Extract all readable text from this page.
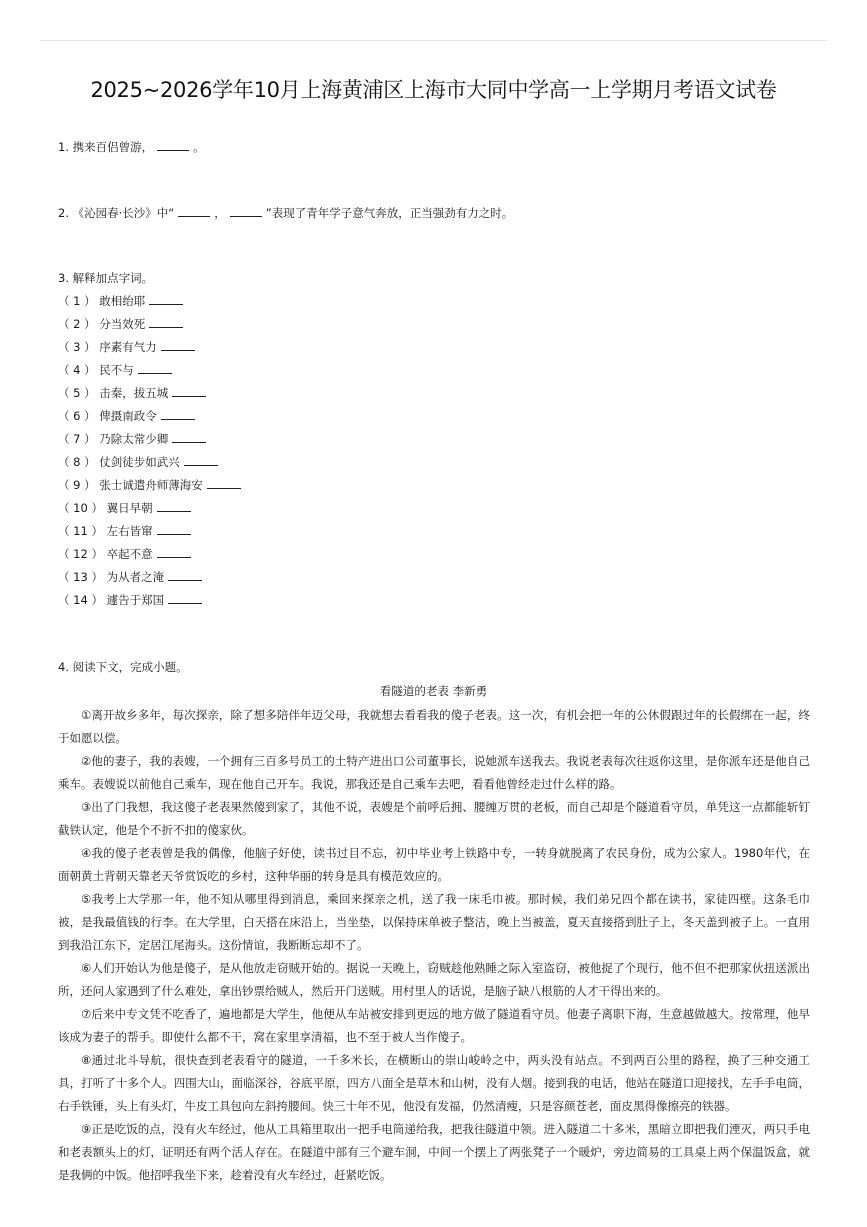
2025~2026学年10月上海黄浦区上海市大同中学高一上学期月考语文试卷
1. 携来百侣曾游，	。
2. 《沁园春·长沙》中“	，	”表现了青年学子意气奔放，正当强劲有力之时。
3. 解释加点字词。
（ 1 ） 敢相绐耶
（ 2 ） 分当效死
（ 3 ） 序素有气力
（ 4 ） 民不与
（ 5 ） 击秦，拔五城
（ 6 ） 俾摄南政令
（ 7 ） 乃除太常少卿
（ 8 ） 仗剑徒步如武兴
（ 9 ） 张士诚遣舟师薄海安
（ 10 ） 翼日早朝
（ 11 ） 左右皆窜
（ 12 ） 卒起不意
（ 13 ） 为从者之淹
（ 14 ） 遽告于郑国
4. 阅读下文，完成小题。
看隧道的老表 李新勇

①离开故乡多年，每次探亲，除了想多陪伴年迈父母，我就想去看看我的傻子老表。这一次，有机会把一年的公休假跟过年的长假绑在一起，终于如愿以偿。

②他的妻子，我的表嫂，一个拥有三百多号员工的土特产进出口公司董事长，说她派车送我去。我说老表每次往返你这里，是你派车还是他自己乘车。表嫂说以前他自己乘车，现在他自己开车。我说，那我还是自己乘车去吧，看看他曾经走过什么样的路。

③出了门我想，我这傻子老表果然傻到家了，其他不说，表嫂是个前呼后拥、腰缠万贯的老板，而自己却是个隧道看守员，单凭这一点都能斩钉截铁认定，他是个不折不扣的傻家伙。

④我的傻子老表曾是我的偶像，他脑子好使，读书过目不忘，初中毕业考上铁路中专，一转身就脱离了农民身份，成为公家人。1980年代，在面朝黄土背朝天靠老天爷赏饭吃的乡村，这种华丽的转身是具有模范效应的。

⑤我考上大学那一年，他不知从哪里得到消息，乘回来探亲之机，送了我一床毛巾被。那时候，我们弟兄四个都在读书，家徒四壁。这条毛巾被，是我最值钱的行李。在大学里，白天搭在床沿上，当坐垫，以保持床单被子整洁，晚上当被盖，夏天直接搭到肚子上，冬天盖到被子上。一直用到我沿江东下，定居江尾海头。这份情谊，我断断忘却不了。

⑥人们开始认为他是傻子，是从他放走窃贼开始的。据说一天晚上，窃贼趁他熟睡之际入室盗窃，被他捉了个现行，他不但不把那家伙扭送派出所，还问人家遇到了什么难处，拿出钞票给贼人，然后开门送贼。用村里人的话说，是脑子缺八根筋的人才干得出来的。

⑦后来中专文凭不吃香了，遍地都是大学生，他便从车站被安排到更远的地方做了隧道看守员。他妻子离职下海，生意越做越大。按常理，他早该成为妻子的帮手。即使什么都不干，窝在家里享清福，也不至于被人当作傻子。

⑧通过北斗导航，很快查到老表看守的隧道，一千多米长，在横断山的崇山峻岭之中，两头没有站点。不到两百公里的路程，换了三种交通工具，打听了十多个人。四围大山，面临深谷，谷底平原，四方八面全是草木和山树，没有人烟。接到我的电话，他站在隧道口迎接找，左手手电筒，右手铁锤，头上有头灯，牛皮工具包向左斜挎腰间。快三十年不见，他没有发福，仍然清瘦，只是容颜苍老，面皮黑得像擦亮的铁器。

⑨正是吃饭的点，没有火车经过，他从工具箱里取出一把手电筒递给我，把我往隧道中领。进入隧道二十多米，黑暗立即把我们湮灭，两只手电和老表额头上的灯，证明还有两个活人存在。在隧道中部有三个避车洞，中间一个摆上了两张凳子一个暖炉，旁边简易的工具桌上两个保温饭盒，就是我俩的中饭。他招呼我坐下来，趁着没有火车经过，赶紧吃饭。
